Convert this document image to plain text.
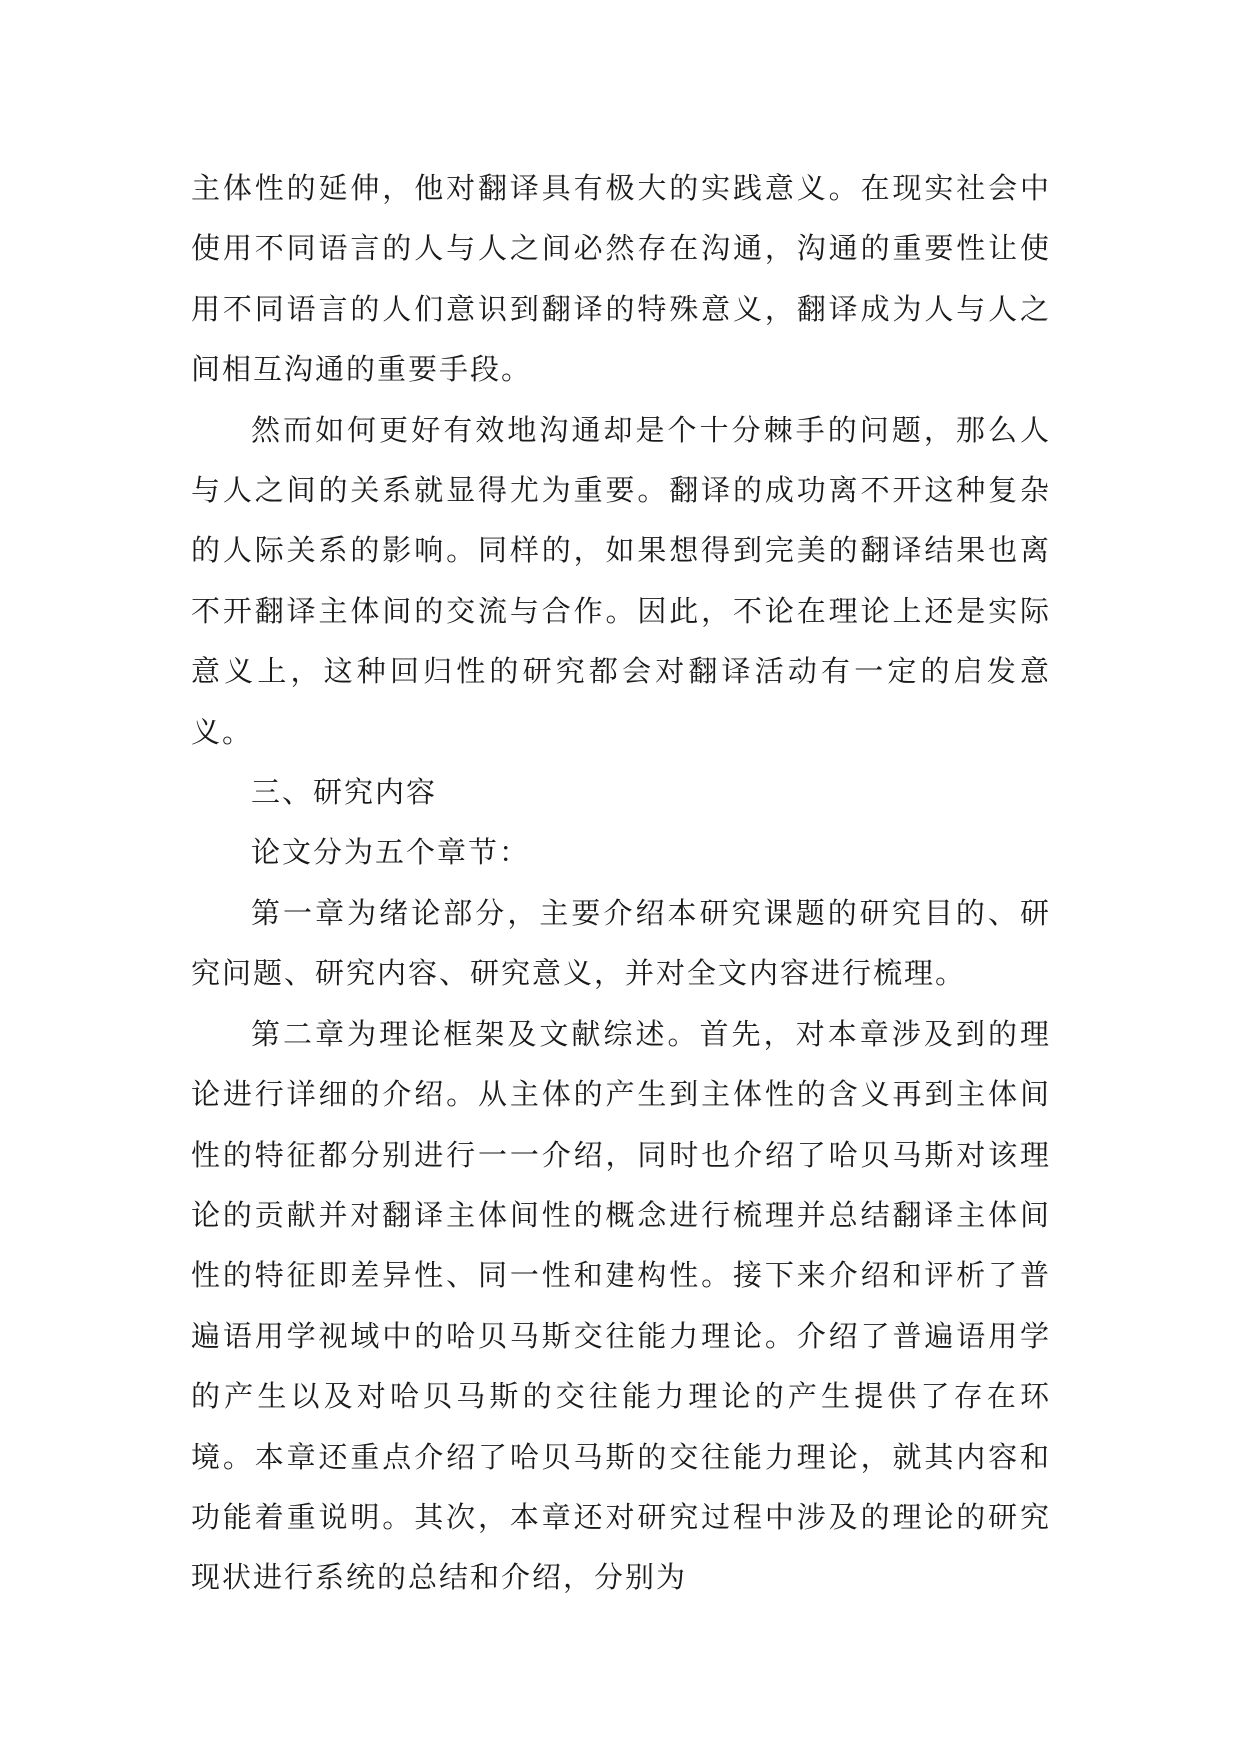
主体性的延伸，他对翻译具有极大的实践意义。在现实社会中使用不同语言的人与人之间必然存在沟通，沟通的重要性让使用不同语言的人们意识到翻译的特殊意义，翻译成为人与人之间相互沟通的重要手段。

然而如何更好有效地沟通却是个十分棘手的问题，那么人与人之间的关系就显得尤为重要。翻译的成功离不开这种复杂的人际关系的影响。同样的，如果想得到完美的翻译结果也离不开翻译主体间的交流与合作。因此，不论在理论上还是实际意义上，这种回归性的研究都会对翻译活动有一定的启发意义。

三、研究内容

论文分为五个章节：

第一章为绪论部分，主要介绍本研究课题的研究目的、研究问题、研究内容、研究意义，并对全文内容进行梳理。

第二章为理论框架及文献综述。首先，对本章涉及到的理论进行详细的介绍。从主体的产生到主体性的含义再到主体间性的特征都分别进行一一介绍，同时也介绍了哈贝马斯对该理论的贡献并对翻译主体间性的概念进行梳理并总结翻译主体间性的特征即差异性、同一性和建构性。接下来介绍和评析了普遍语用学视域中的哈贝马斯交往能力理论。介绍了普遍语用学的产生以及对哈贝马斯的交往能力理论的产生提供了存在环境。本章还重点介绍了哈贝马斯的交往能力理论，就其内容和功能着重说明。其次，本章还对研究过程中涉及的理论的研究现状进行系统的总结和介绍，分别为
